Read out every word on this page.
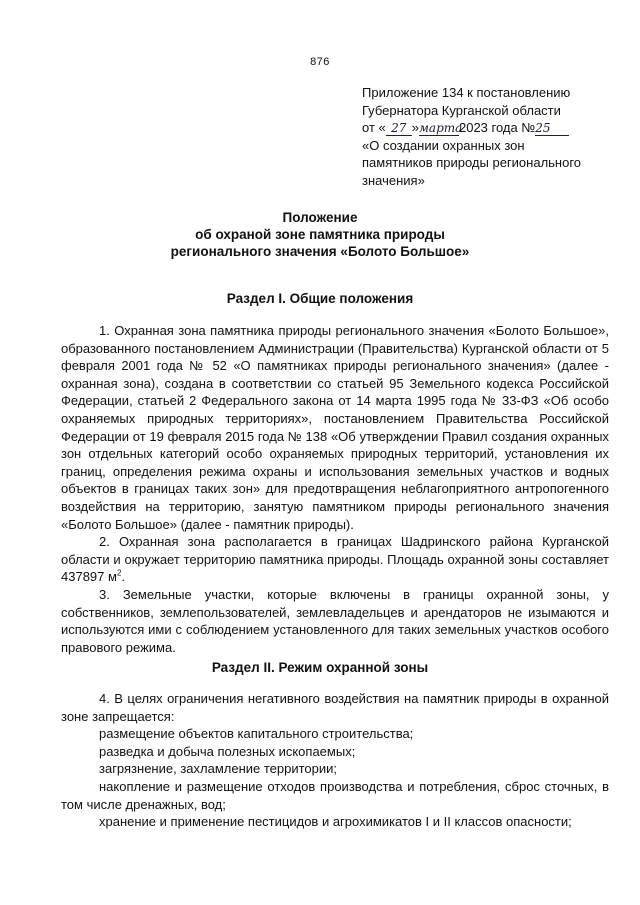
876
Приложение 134 к постановлению
Губернатора Курганской области
от « 27 »марта2023 года №25
«О создании охранных зон
памятников природы регионального
значения»
Положение
об охраной зоне памятника природы
регионального значения «Болото Большое»
Раздел I. Общие положения

1. Охранная зона памятника природы регионального значения «Болото Большое», образованного постановлением Администрации (Правительства) Курганской области от 5 февраля 2001 года № 52 «О памятниках природы регионального значения» (далее - охранная зона), создана в соответствии со статьей 95 Земельного кодекса Российской Федерации, статьей 2 Федерального закона от 14 марта 1995 года № 33-ФЗ «Об особо охраняемых природных территориях», постановлением Правительства Российской Федерации от 19 февраля 2015 года № 138 «Об утверждении Правил создания охранных зон отдельных категорий особо охраняемых природных территорий, установления их границ, определения режима охраны и использования земельных участков и водных объектов в границах таких зон» для предотвращения неблагоприятного антропогенного воздействия на территорию, занятую памятником природы регионального значения «Болото Большое» (далее - памятник природы).

2. Охранная зона располагается в границах Шадринского района Курганской области и окружает территорию памятника природы. Площадь охранной зоны составляет 437897 $м^2$.

3. Земельные участки, которые включены в границы охранной зоны, у собственников, землепользователей, землевладельцев и арендаторов не изымаются и используются ими с соблюдением установленного для таких земельных участков особого правового режима.

Раздел II. Режим охранной зоны

4. В целях ограничения негативного воздействия на памятник природы в охранной зоне запрещается:

размещение объектов капитального строительства;

разведка и добыча полезных ископаемых;

загрязнение, захламление территории;

накопление и размещение отходов производства и потребления, сброс сточных, в том числе дренажных, вод;

хранение и применение пестицидов и агрохимикатов I и II классов опасности;
